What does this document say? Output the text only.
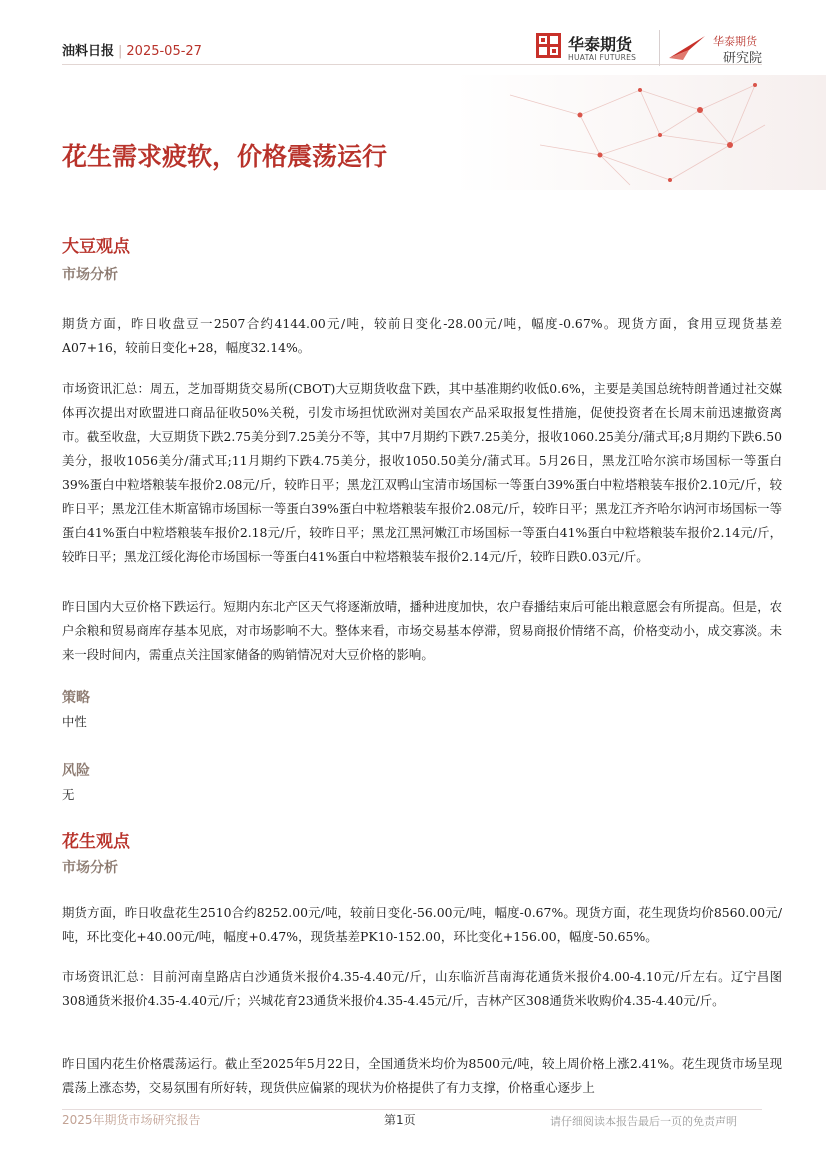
油料日报 | 2025-05-27	华泰期货
HUATAI FUTURES
华泰期货
研究院
花生需求疲软，价格震荡运行
大豆观点
市场分析

期货方面，昨日收盘豆一2507合约4144.00元/吨，较前日变化-28.00元/吨，幅度-0.67%。现货方面，食用豆现货基差A07+16，较前日变化+28，幅度32.14%。

市场资讯汇总：周五，芝加哥期货交易所(CBOT)大豆期货收盘下跌，其中基准期约收低0.6%，主要是美国总统特朗普通过社交媒体再次提出对欧盟进口商品征收50%关税，引发市场担忧欧洲对美国农产品采取报复性措施，促使投资者在长周末前迅速撤资离市。截至收盘，大豆期货下跌2.75美分到7.25美分不等，其中7月期约下跌7.25美分，报收1060.25美分/蒲式耳;8月期约下跌6.50美分，报收1056美分/蒲式耳;11月期约下跌4.75美分，报收1050.50美分/蒲式耳。5月26日，黑龙江哈尔滨市场国标一等蛋白39%蛋白中粒塔粮装车报价2.08元/斤，较昨日平；黑龙江双鸭山宝清市场国标一等蛋白39%蛋白中粒塔粮装车报价2.10元/斤，较昨日平；黑龙江佳木斯富锦市场国标一等蛋白39%蛋白中粒塔粮装车报价2.08元/斤，较昨日平；黑龙江齐齐哈尔讷河市场国标一等蛋白41%蛋白中粒塔粮装车报价2.18元/斤，较昨日平；黑龙江黑河嫩江市场国标一等蛋白41%蛋白中粒塔粮装车报价2.14元/斤，较昨日平；黑龙江绥化海伦市场国标一等蛋白41%蛋白中粒塔粮装车报价2.14元/斤，较昨日跌0.03元/斤。

昨日国内大豆价格下跌运行。短期内东北产区天气将逐渐放晴，播种进度加快，农户春播结束后可能出粮意愿会有所提高。但是，农户余粮和贸易商库存基本见底，对市场影响不大。整体来看，市场交易基本停滞，贸易商报价情绪不高，价格变动小，成交寡淡。未来一段时间内，需重点关注国家储备的购销情况对大豆价格的影响。

策略

中性

风险

无

花生观点
市场分析

期货方面，昨日收盘花生2510合约8252.00元/吨，较前日变化-56.00元/吨，幅度-0.67%。现货方面，花生现货均价8560.00元/吨，环比变化+40.00元/吨，幅度+0.47%，现货基差PK10-152.00，环比变化+156.00，幅度-50.65%。

市场资讯汇总：目前河南皇路店白沙通货米报价4.35-4.40元/斤，山东临沂莒南海花通货米报价4.00-4.10元/斤左右。辽宁昌图308通货米报价4.35-4.40元/斤；兴城花育23通货米报价4.35-4.45元/斤，吉林产区308通货米收购价4.35-4.40元/斤。

昨日国内花生价格震荡运行。截止至2025年5月22日，全国通货米均价为8500元/吨，较上周价格上涨2.41%。花生现货市场呈现震荡上涨态势，交易氛围有所好转，现货供应偏紧的现状为价格提供了有力支撑，价格重心逐步上

2025年期货市场研究报告	第1页	请仔细阅读本报告最后一页的免责声明
